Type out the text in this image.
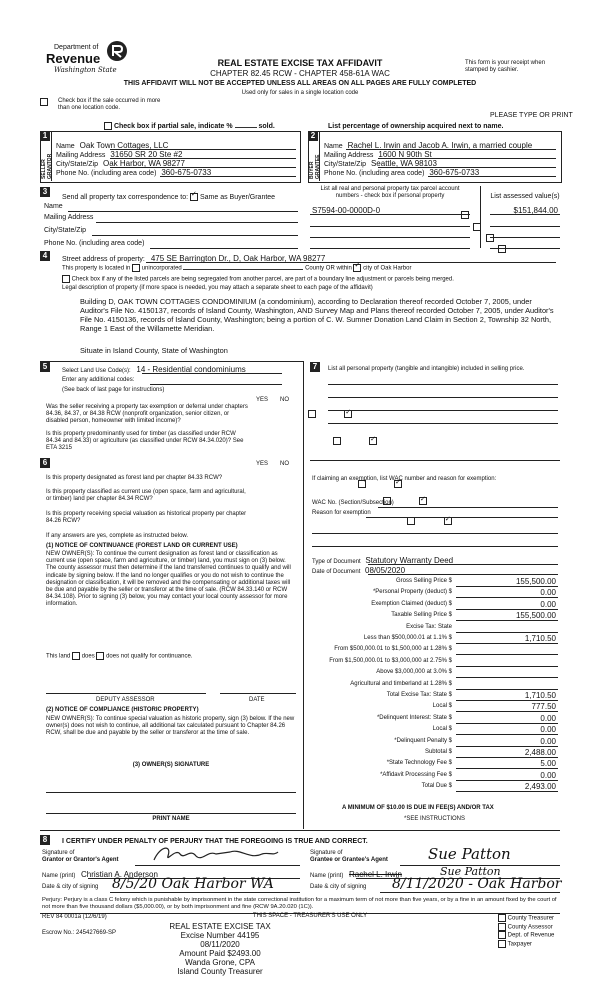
Department of
Revenue
Washington State
REAL ESTATE EXCISE TAX AFFIDAVIT
CHAPTER 82.45 RCW - CHAPTER 458-61A WAC
THIS AFFIDAVIT WILL NOT BE ACCEPTED UNLESS ALL AREAS ON ALL PAGES ARE FULLY COMPLETED
Used only for sales in a single location code
This form is your receipt when stamped by cashier.
Check box if the sale occurred in more than one location code.
PLEASE TYPE OR PRINT
Check box if partial sale, indicate %	sold.	List percentage of ownership acquired next to name.
1
SELLER GRANTOR
Name Oak Town Cottages, LLC
Mailing Address 31650 SR 20 Ste #2
City/State/Zip Oak Harbor, WA 98277
Phone No. (including area code) 360-675-0733
2
BUYER GRANTEE
Name Rachel L. Irwin and Jacob A. Irwin, a married couple
Mailing Address 1600 N 90th St
City/State/Zip Seattle, WA 98103
Phone No. (including area code) 360-675-0733
3
Send all property tax correspondence to: ✓ Same as Buyer/Grantee
Name
Mailing Address
City/State/Zip
Phone No. (including area code)
List all real and personal property tax parcel account numbers - check box if personal property	List assessed value(s)
S7594-00-0000D-0	$151,844.00

4	Street address of property: 475 SE Barrington Dr., D, Oak Harbor, WA 98277
This property is located in unincorporated	County OR within ✓ city of Oak Harbor
Check box if any of the listed parcels are being segregated from another parcel, are part of a boundary line adjustment or parcels being merged.
Legal description of property (if more space is needed, you may attach a separate sheet to each page of the affidavit)
Building D, OAK TOWN COTTAGES CONDOMINIUM (a condominium), according to Declaration thereof recorded October 7, 2005, under Auditor's File No. 4150137, records of Island County, Washington, AND Survey Map and Plans thereof recorded October 7, 2005, under Auditor's File No. 4150136, records of Island County, Washington; being a portion of C. W. Sumner Donation Land Claim in Section 2, Township 32 North, Range 1 East of the Willamette Meridian.
Situate in Island County, State of Washington
5	Select Land Use Code(s): 14 - Residential condominiums
Enter any additional codes:
(See back of last page for instructions)
YES NO
Was the seller receiving a property tax exemption or deferral under chapters 84.36, 84.37, or 84.38 RCW (nonprofit organization, senior citizen, or disabled person, homeowner with limited income)?
✓
Is this property predominantly used for timber (as classified under RCW 84.34 and 84.33) or agriculture (as classified under RCW 84.34.020)? See ETA 3215
✓
6	YES NO
Is this property designated as forest land per chapter 84.33 RCW?
✓
Is this property classified as current use (open space, farm and agricultural, or timber) land per chapter 84.34 RCW?
✓
Is this property receiving special valuation as historical property per chapter 84.26 RCW?
✓
If any answers are yes, complete as instructed below.
(1) NOTICE OF CONTINUANCE (FOREST LAND OR CURRENT USE)
NEW OWNER(S): To continue the current designation as forest land or classification as current use (open space, farm and agriculture, or timber) land, you must sign on (3) below. The county assessor must then determine if the land transferred continues to qualify and will indicate by signing below. If the land no longer qualifies or you do not wish to continue the designation or classification, it will be removed and the compensating or additional taxes will be due and payable by the seller or transferor at the time of sale. (RCW 84.33.140 or RCW 84.34.108). Prior to signing (3) below, you may contact your local county assessor for more information.
This land does does not qualify for continuance.
DEPUTY ASSESSOR	DATE
(2) NOTICE OF COMPLIANCE (HISTORIC PROPERTY)
NEW OWNER(S): To continue special valuation as historic property, sign (3) below. If the new owner(s) does not wish to continue, all additional tax calculated pursuant to Chapter 84.26 RCW, shall be due and payable by the seller or transferor at the time of sale.
(3) OWNER(S) SIGNATURE
PRINT NAME
7	List all personal property (tangible and intangible) included in selling price.
If claiming an exemption, list WAC number and reason for exemption:
WAC No. (Section/Subsection)
Reason for exemption
Type of Document Statutory Warranty Deed
Date of Document 08/05/2020
Gross Selling Price $	155,500.00
*Personal Property (deduct) $	0.00
Exemption Claimed (deduct) $	0.00
Taxable Selling Price $	155,500.00
Excise Tax: State
Less than $500,000.01 at 1.1% $	1,710.50
From $500,000.01 to $1,500,000 at 1.28% $
From $1,500,000.01 to $3,000,000 at 2.75% $
Above $3,000,000 at 3.0% $
Agricultural and timberland at 1.28% $
Total Excise Tax: State $	1,710.50
Local $	777.50
*Delinquent Interest: State $	0.00
Local $	0.00
*Delinquent Penalty $	0.00
Subtotal $	2,488.00
*State Technology Fee $	5.00
*Affidavit Processing Fee $	0.00
Total Due $	2,493.00
A MINIMUM OF $10.00 IS DUE IN FEE(S) AND/OR TAX
*SEE INSTRUCTIONS
8	I CERTIFY UNDER PENALTY OF PERJURY THAT THE FOREGOING IS TRUE AND CORRECT.
Signature of
Grantor or Grantor's Agent
Name (print) Christian A. Anderson
Date & city of signing 8/5/20 Oak Harbor WA
Signature of
Grantee or Grantee's Agent	Sue Patton
Name (print) Rachel L. Irwin	Sue Patton
Date & city of signing 8/11/2020 - Oak Harbor
Perjury: Perjury is a class C felony which is punishable by imprisonment in the state correctional institution for a maximum term of not more than five years, or by a fine in an amount fixed by the court of not more than five thousand dollars ($5,000.00), or by both imprisonment and fine (RCW 9A.20.020 (1C)).
REV 84 0001a (12/6/19)	THIS SPACE - TREASURER'S USE ONLY
Escrow No.: 245427669-SP
REAL ESTATE EXCISE TAX
Excise Number 44195
08/11/2020
Amount Paid $2493.00
Wanda Grone, CPA
Island County Treasurer
County Treasurer
County Assessor
Dept. of Revenue
Taxpayer
